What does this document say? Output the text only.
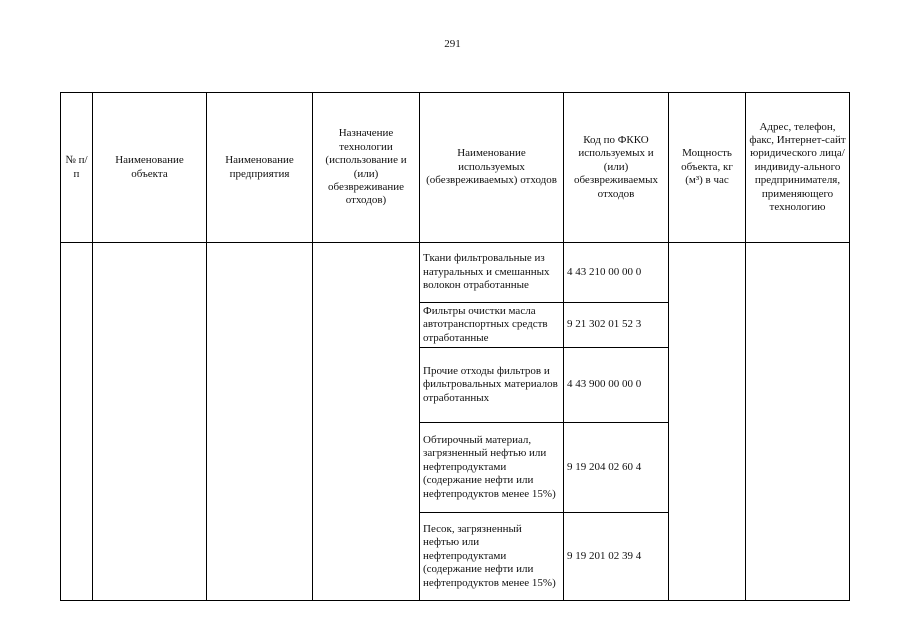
291
№ п/п	Наименование объекта	Наименование предприятия	Назначение технологии (использование и (или) обезвреживание отходов)	Наименование используемых (обезвреживаемых) отходов	Код по ФККО используемых и (или) обезвреживаемых отходов	Мощность объекта, кг (м³) в час	Адрес, телефон, факс, Интернет-сайт юридического лица/индивиду-ального предпринимателя, применяющего технологию
				Ткани фильтровальные из натуральных и смешанных волокон отработанные	4 43 210 00 00 0		
				Фильтры очистки масла автотранспортных средств отработанные	9 21 302 01 52 3		
				Прочие отходы фильтров и фильтровальных материалов отработанных	4 43 900 00 00 0		
				Обтирочный материал, загрязненный нефтью или нефтепродуктами (содержание нефти или нефтепродуктов менее 15%)	9 19 204 02 60 4		
				Песок, загрязненный нефтью или нефтепродуктами (содержание нефти или нефтепродуктов менее 15%)	9 19 201 02 39 4		
